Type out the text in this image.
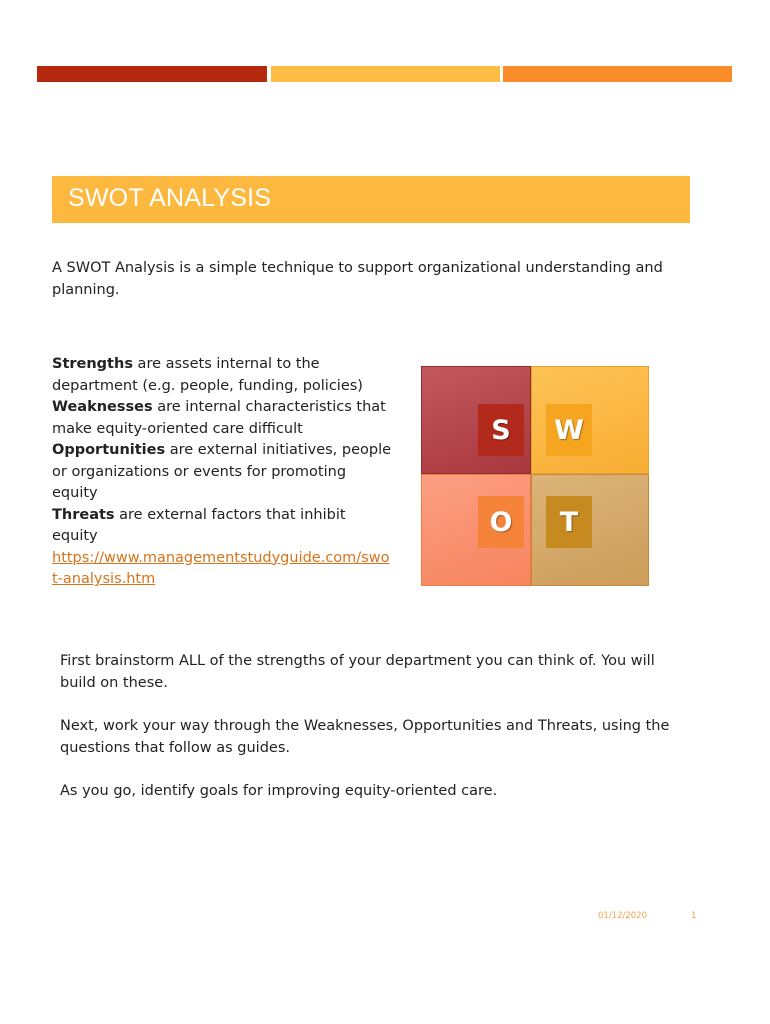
SWOT ANALYSIS
A SWOT Analysis is a simple technique to support organizational understanding and planning.
Strengths are assets internal to the department (e.g. people, funding, policies)
Weaknesses are internal characteristics that make equity-oriented care difficult
Opportunities are external initiatives, people or organizations or events for promoting equity
Threats are external factors that inhibit equity
https://www.managementstudyguide.com/swot-analysis.htm
S	W
O	T

First brainstorm ALL of the strengths of your department you can think of. You will build on these.

Next, work your way through the Weaknesses, Opportunities and Threats, using the questions that follow as guides.

As you go, identify goals for improving equity-oriented care.

01/12/2020	1
